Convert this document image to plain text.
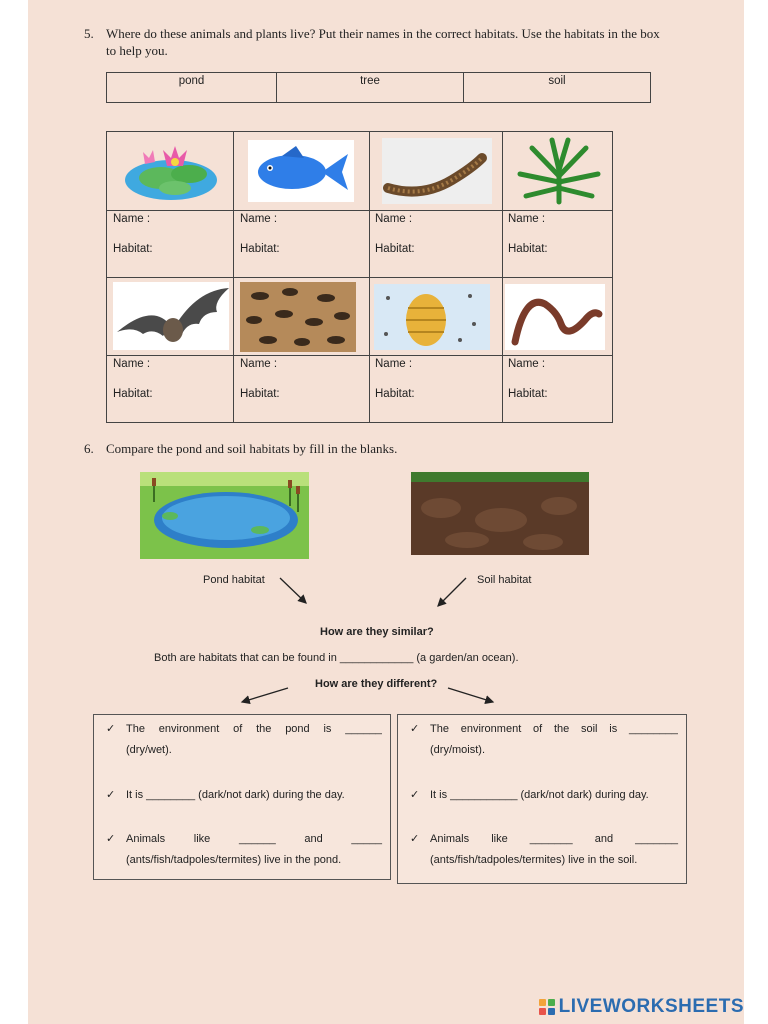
5. Where do these animals and plants live? Put their names in the correct habitats. Use the habitats in the box
to help you.
pond	tree	soil
Name :	Name :	Name :	Name :
Habitat:	Habitat:	Habitat:	Habitat:
Name :	Name :	Name :	Name :
Habitat:	Habitat:	Habitat:	Habitat:
6. Compare the pond and soil habitats by fill in the blanks.
Pond habitat	Soil habitat
How are they similar?
Both are habitats that can be found in ____________ (a garden/an ocean).
How are they different?
✓ The environment of the pond is ______
(dry/wet).
✓ It is ________ (dark/not dark) during the day.
✓ Animals	like	______	and	_____
(ants/fish/tadpoles/termites) live in the pond.
✓ The environment of the soil is ________
(dry/moist).
✓ It is ___________ (dark/not dark) during day.
✓ Animals like _______ and _______
(ants/fish/tadpoles/termites) live in the soil.
LIVEWORKSHEETS
